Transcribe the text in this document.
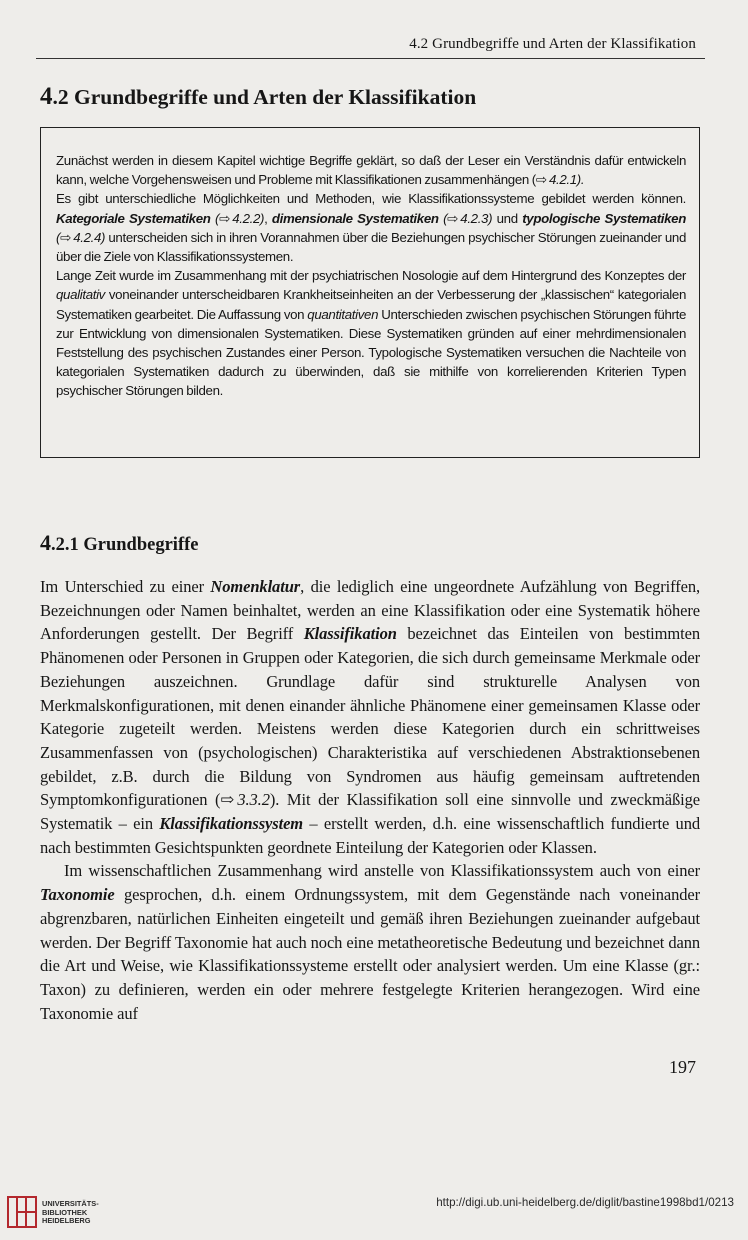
4.2 Grundbegriffe und Arten der Klassifikation
4.2 Grundbegriffe und Arten der Klassifikation

Zunächst werden in diesem Kapitel wichtige Begriffe geklärt, so daß der Leser ein Verständnis dafür entwickeln kann, welche Vorgehensweisen und Probleme mit Klassifikationen zusammenhängen (⇨  4.2.1).

Es gibt unterschiedliche Möglichkeiten und Methoden, wie Klassifikationssysteme gebildet werden können. Kategoriale Systematiken (⇨  4.2.2), dimensionale Systematiken (⇨  4.2.3) und typologische Systematiken (⇨  4.2.4) unterscheiden sich in ihren Vorannahmen über die Beziehungen psychischer Störungen zueinander und über die Ziele von Klassifikationssystemen.

Lange Zeit wurde im Zusammenhang mit der psychiatrischen Nosologie auf dem Hintergrund des Konzeptes der qualitativ voneinander unterscheidbaren Krankheitseinheiten an der Verbesserung der „klassischen“ kategorialen Systematiken gearbeitet. Die Auffassung von quantitativen Unterschieden zwischen psychischen Störungen führte zur Entwicklung von dimensionalen Systematiken. Diese Systematiken gründen auf einer mehrdimensionalen Feststellung des psychischen Zustandes einer Person. Typologische Systematiken versuchen die Nachteile von kategorialen Systematiken dadurch zu überwinden, daß sie mithilfe von korrelierenden Kriterien Typen psychischer Störungen bilden.

4.2.1 Grundbegriffe

Im Unterschied zu einer Nomenklatur, die lediglich eine ungeordnete Aufzählung von Begriffen, Bezeichnungen oder Namen beinhaltet, werden an eine Klassifikation oder eine Systematik höhere Anforderungen gestellt. Der Begriff Klassifikation bezeichnet das Einteilen von bestimmten Phänomenen oder Personen in Gruppen oder Kategorien, die sich durch gemeinsame Merkmale oder Beziehungen auszeichnen. Grundlage dafür sind strukturelle Analysen von Merkmalskonfigurationen, mit denen einander ähnliche Phänomene einer gemeinsamen Klasse oder Kategorie zugeteilt werden. Meistens werden diese Kategorien durch ein schrittweises Zusammenfassen von (psychologischen) Charakteristika auf verschiedenen Abstraktionsebenen gebildet, z.B. durch die Bildung von Syndromen aus häufig gemeinsam auftretenden Symptomkonfigurationen (⇨  3.3.2). Mit der Klassifikation soll eine sinnvolle und zweckmäßige Systematik – ein Klassifikationssystem – erstellt werden, d.h. eine wissenschaftlich fundierte und nach bestimmten Gesichtspunkten geordnete Einteilung der Kategorien oder Klassen.

Im wissenschaftlichen Zusammenhang wird anstelle von Klassifikationssystem auch von einer Taxonomie gesprochen, d.h. einem Ordnungssystem, mit dem Gegenstände nach voneinander abgrenzbaren, natürlichen Einheiten eingeteilt und gemäß ihren Beziehungen zueinander aufgebaut werden. Der Begriff Taxonomie hat auch noch eine metatheoretische Bedeutung und bezeichnet dann die Art und Weise, wie Klassifikationssysteme erstellt oder analysiert werden. Um eine Klasse (gr.: Taxon) zu definieren, werden ein oder mehrere festgelegte Kriterien herangezogen. Wird eine Taxonomie auf

197
UNIVERSITÄTS-
BIBLIOTHEK
HEIDELBERG
http://digi.ub.uni-heidelberg.de/diglit/bastine1998bd1/0213
